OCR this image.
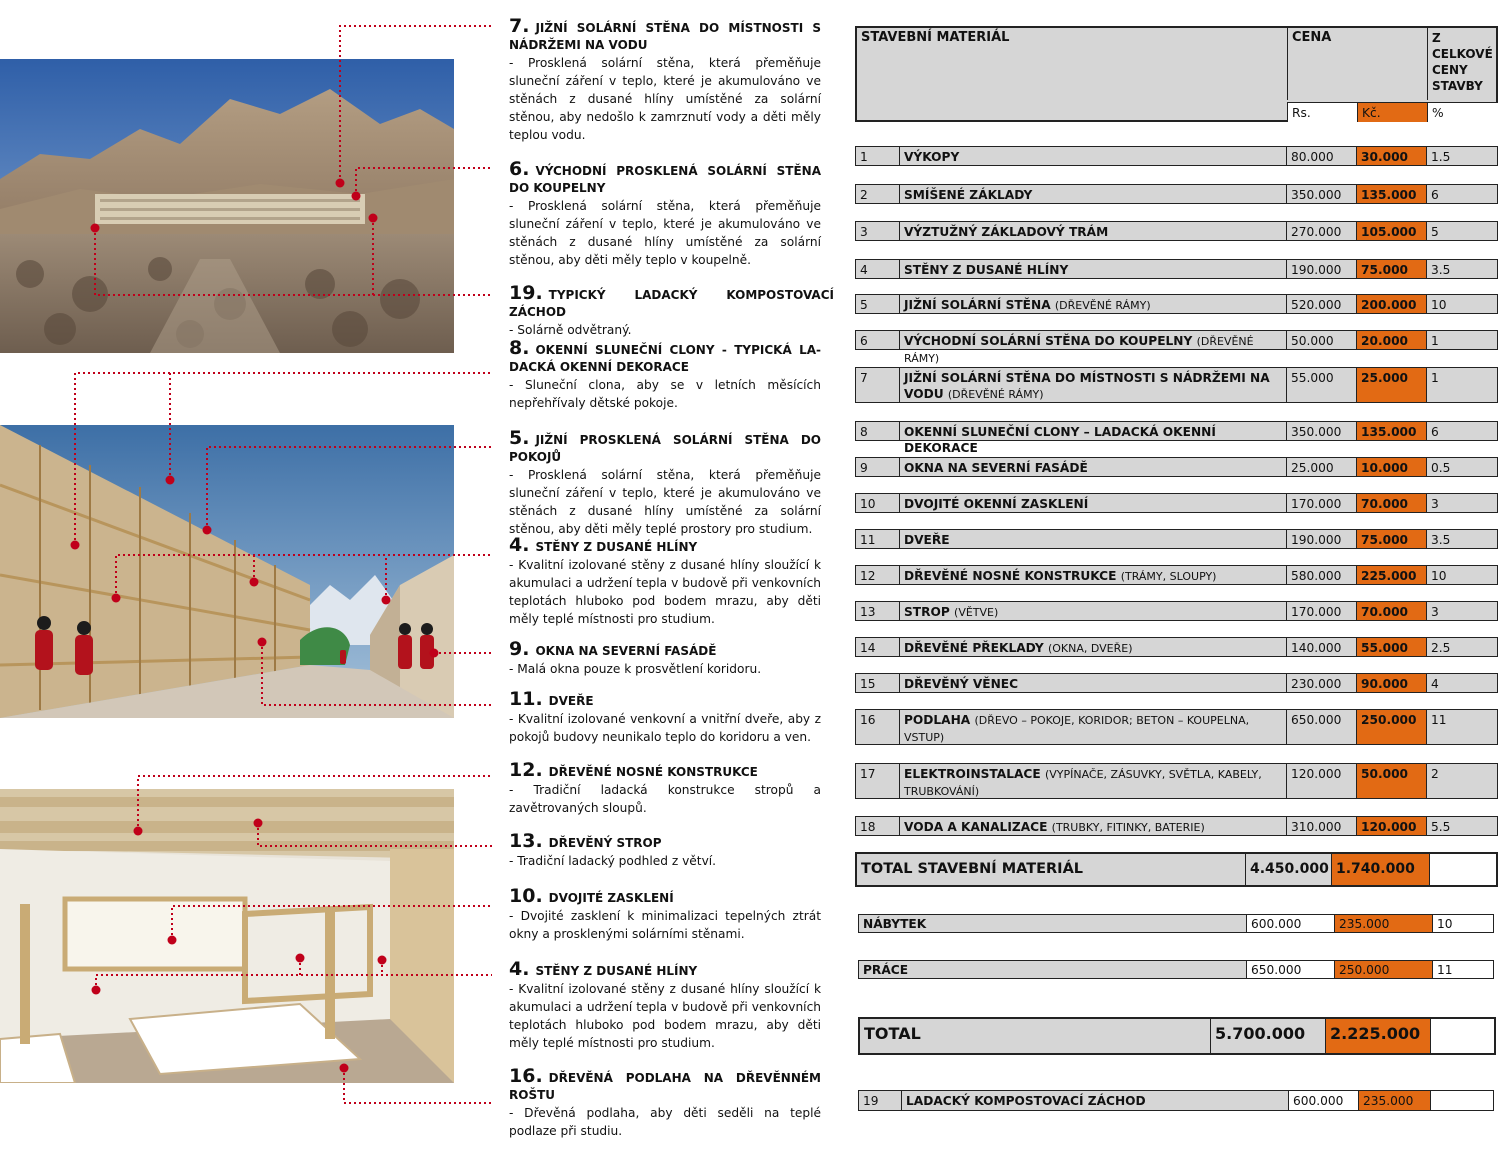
7. JIŽNÍ SOLÁRNÍ STĚNA DO MÍSTNOSTI S NÁDRŽEMI NA VODU
- Prosklená solární stěna, která přeměňuje sluneční záření v teplo, které je akumulováno ve stěnách z dusané hlíny umístěné za solární stěnou, aby nedošlo k zamrznutí vody a děti měly teplou vodu.
6. VÝCHODNÍ PROSKLENÁ SOLÁRNÍ STĚNA DO KOUPELNY
- Prosklená solární stěna, která přeměňuje sluneční záření v teplo, které je akumulováno ve stěnách z dusané hlíny umístěné za solární stěnou, aby děti měly teplo v koupelně.
19. TYPICKÝ LADACKÝ KOMPOSTOVACÍ ZÁCHOD
- Solárně odvětraný.
8. OKENNÍ SLUNEČNÍ CLONY - TYPICKÁ LA-DACKÁ OKENNÍ DEKORACE
- Sluneční clona, aby se v letních měsících nepřehřívaly dětské pokoje.
5. JIŽNÍ PROSKLENÁ SOLÁRNÍ STĚNA DO POKOJŮ
- Prosklená solární stěna, která přeměňuje sluneční záření v teplo, které je akumulováno ve stěnách z dusané hlíny umístěné za solární stěnou, aby děti měly teplé prostory pro studium.
4. STĚNY Z DUSANÉ HLÍNY
- Kvalitní izolované stěny z dusané hlíny sloužící k akumulaci a udržení tepla v budově při venkovních teplotách hluboko pod bodem mrazu, aby děti měly teplé místnosti pro studium.
9. OKNA NA SEVERNÍ FASÁDĚ
- Malá okna pouze k prosvětlení koridoru.
11. DVEŘE
- Kvalitní izolované venkovní a vnitřní dveře, aby z pokojů budovy neunikalo teplo do koridoru a ven.
12. DŘEVĚNÉ NOSNÉ KONSTRUKCE
- Tradiční ladacká konstrukce stropů a zavětrovaných sloupů.
13. DŘEVĚNÝ STROP
- Tradiční ladacký podhled z větví.
10. DVOJITÉ ZASKLENÍ
- Dvojité zasklení k minimalizaci tepelných ztrát okny a prosklenými solárními stěnami.
4. STĚNY Z DUSANÉ HLÍNY
- Kvalitní izolované stěny z dusané hlíny sloužící k akumulaci a udržení tepla v budově při venkovních teplotách hluboko pod bodem mrazu, aby děti měly teplé místnosti pro studium.
16. DŘEVĚNÁ PODLAHA NA DŘEVĚNNÉM ROŠTU
- Dřevěná podlaha, aby děti seděli na teplé podlaze při studiu.
STAVEBNÍ MATERIÁL	CENA	Z CELKOVÉ CENY STAVBY
Rs.	Kč.	%
1	VÝKOPY	80.000	30.000	1.5
2	SMÍŠENÉ ZÁKLADY	350.000	135.000	6
3	VÝZTUŽNÝ ZÁKLADOVÝ TRÁM	270.000	105.000	5
4	STĚNY Z DUSANÉ HLÍNY	190.000	75.000	3.5
5	JIŽNÍ SOLÁRNÍ STĚNA (DŘEVĚNÉ RÁMY)	520.000	200.000	10
6	VÝCHODNÍ SOLÁRNÍ STĚNA DO KOUPELNY (DŘEVĚNÉ RÁMY)
50.000	20.000	1
7	JIŽNÍ SOLÁRNÍ STĚNA DO MÍSTNOSTI S NÁDRŽEMI NA VODU (DŘEVĚNÉ RÁMY)
55.000	25.000	1
8	OKENNÍ SLUNEČNÍ CLONY – LADACKÁ OKENNÍ DEKORACE
350.000	135.000	6
9	OKNA NA SEVERNÍ FASÁDĚ	25.000	10.000	0.5
10	DVOJITÉ OKENNÍ ZASKLENÍ	170.000	70.000	3
11	DVEŘE	190.000	75.000	3.5
12	DŘEVĚNÉ NOSNÉ KONSTRUKCE (TRÁMY, SLOUPY)	580.000	225.000	10
13	STROP (VĚTVE)	170.000	70.000	3
14	DŘEVĚNÉ PŘEKLADY (OKNA, DVEŘE)	140.000	55.000	2.5
15	DŘEVĚNÝ VĚNEC	230.000	90.000	4
16	PODLAHA (DŘEVO – POKOJE, KORIDOR; BETON – KOUPELNA, VSTUP)
650.000	250.000	11
17	ELEKTROINSTALACE (VYPÍNAČE, ZÁSUVKY, SVĚTLA, KABELY, TRUBKOVÁNÍ)
120.000	50.000	2
18	VODA A KANALIZACE (TRUBKY, FITINKY, BATERIE)	310.000	120.000	5.5
TOTAL STAVEBNÍ MATERIÁL	4.450.000 1.740.000
NÁBYTEK	600.000	235.000	10
PRÁCE	650.000	250.000	11
TOTAL	5.700.000	2.225.000
19	LADACKÝ KOMPOSTOVACÍ ZÁCHOD	600.000	235.000
